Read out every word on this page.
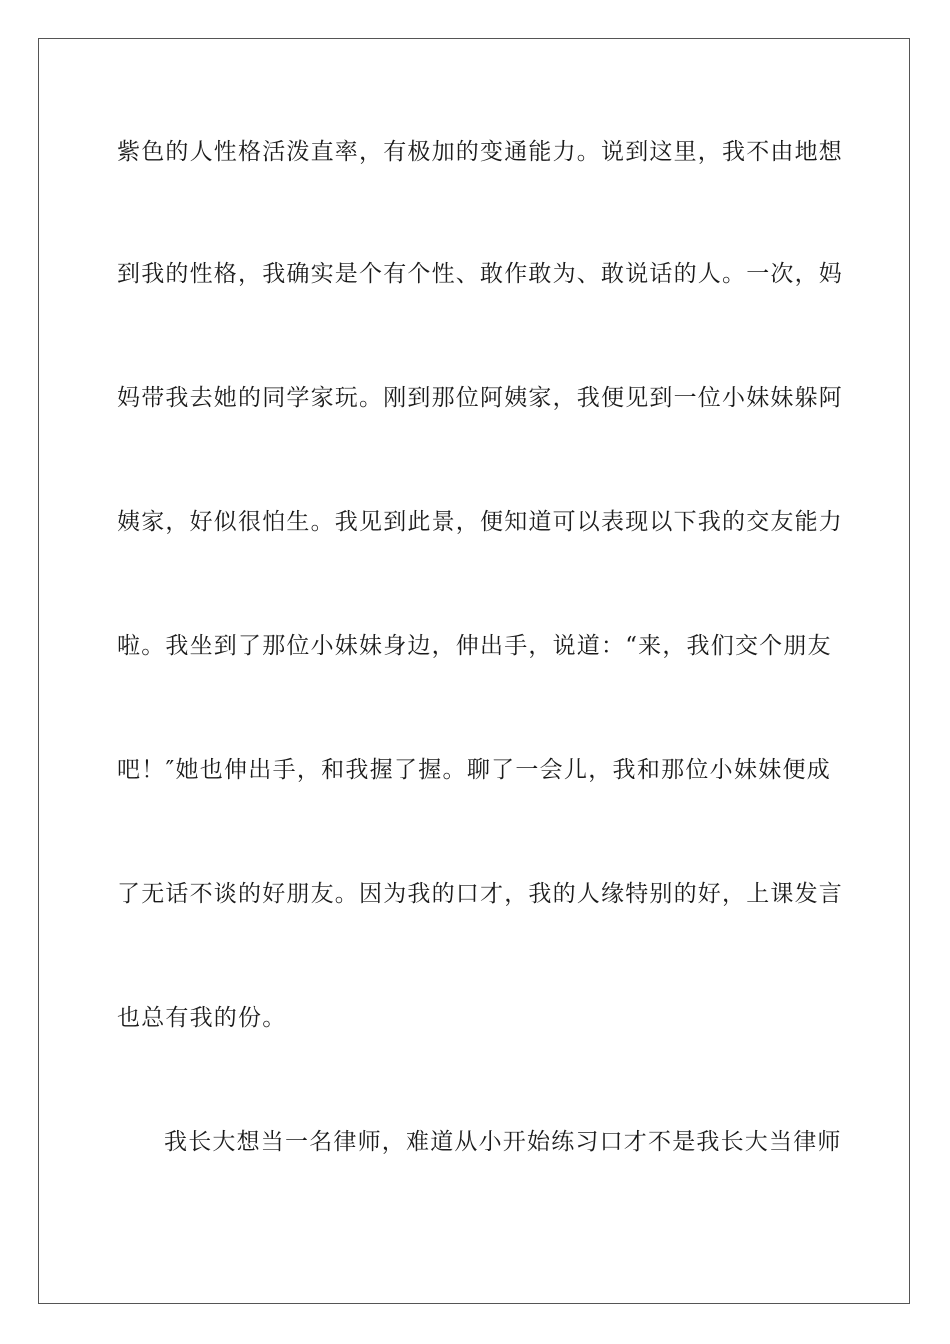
紫色的人性格活泼直率，有极加的变通能力。说到这里，我不由地想

到我的性格，我确实是个有个性、敢作敢为、敢说话的人。一次，妈

妈带我去她的同学家玩。刚到那位阿姨家，我便见到一位小妹妹躲阿

姨家，好似很怕生。我见到此景，便知道可以表现以下我的交友能力

啦。我坐到了那位小妹妹身边，伸出手，说道：“来，我们交个朋友

吧！″她也伸出手，和我握了握。聊了一会儿，我和那位小妹妹便成

了无话不谈的好朋友。因为我的口才，我的人缘特别的好，上课发言

也总有我的份。

我长大想当一名律师，难道从小开始练习口才不是我长大当律师
